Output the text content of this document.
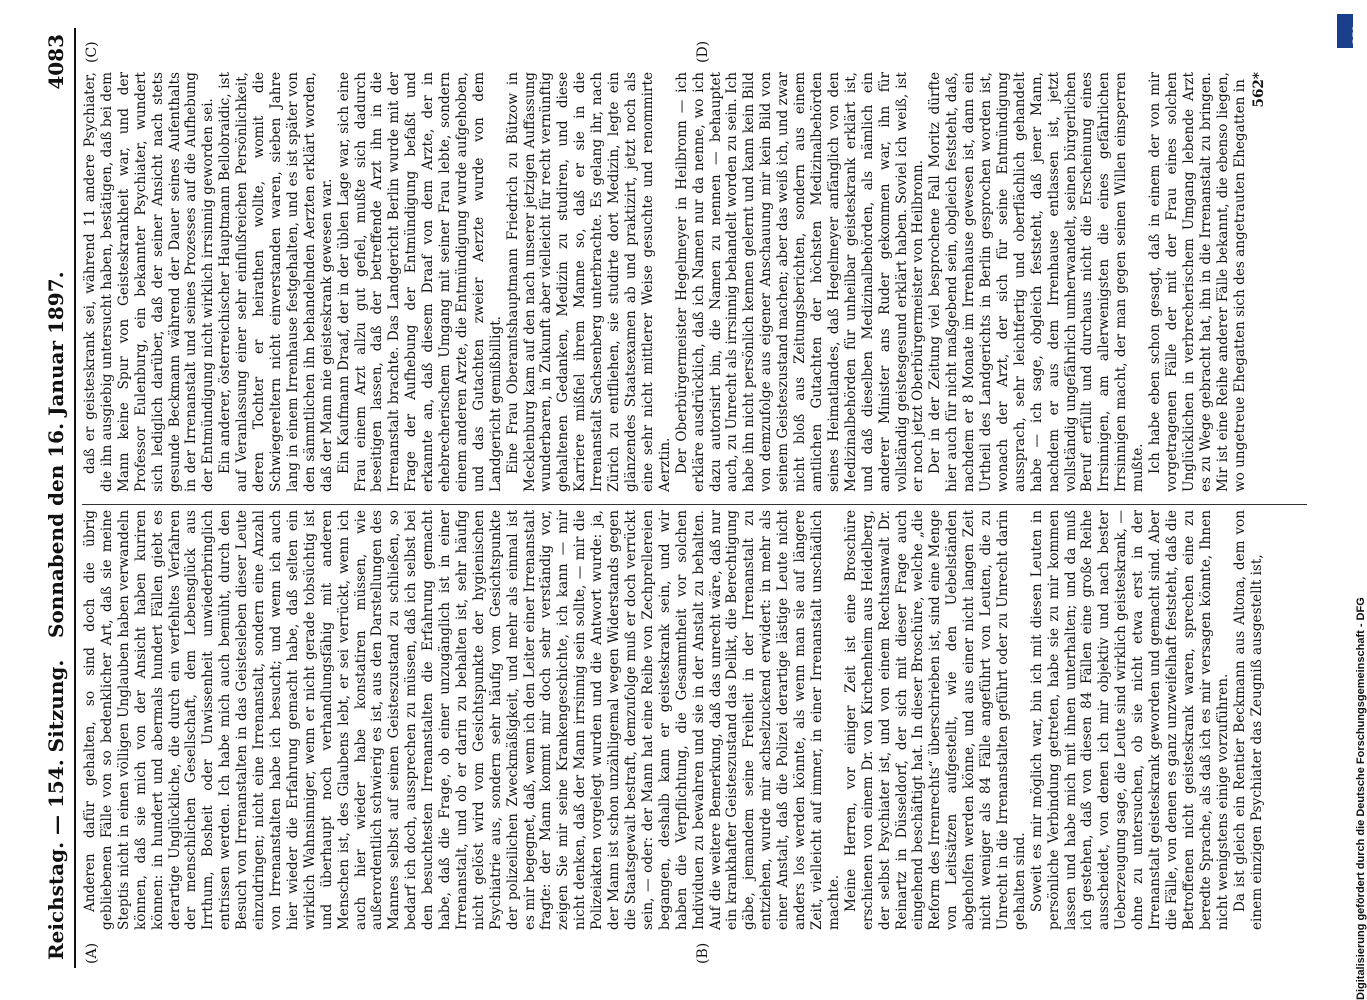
Reichstag. — 154. Sitzung.
Sonnabend den 16. Januar 1897.
4083
(A)	(B)
(C)	(D)

Anderen dafür gehalten, so sind doch die übrig gebliebenen Fälle von so bedenklicher Art, daß sie meine Steptis nicht in einen völligen Unglauben haben verwandeln können, daß sie mich von der Ansicht haben kuriren können: in hundert und abermals hundert Fällen giebt es derartige Unglückliche, die durch ein verfehltes Verfahren der menschlichen Gesellschaft, dem Lebensglück aus Irrthum, Bosheit oder Unwissenheit unwiederbringlich entrissen werden. Ich habe mich auch bemüht, durch den Besuch von Irrenanstalten in das Geistesleben dieser Leute einzudringen; nicht eine Irrenanstalt, sondern eine Anzahl von Irrenanstalten habe ich besucht; und wenn ich auch hier wieder die Erfahrung gemacht habe, daß selten ein wirklich Wahnsinniger, wenn er nicht gerade tobsüchtig ist und überhaupt noch verhandlungsfähig mit anderen Menschen ist, des Glaubens lebt, er sei verrückt, wenn ich auch hier wieder habe konstatiren müssen, wie außerordentlich schwierig es ist, aus den Darstellungen des Mannes selbst auf seinen Geisteszustand zu schließen, so bedarf ich doch, aussprechen zu müssen, daß ich selbst bei den besuchtesten Irrenanstalten die Erfahrung gemacht habe, daß die Frage, ob einer unzugänglich ist in einer Irrenanstalt, und ob er darin zu behalten ist, sehr häufig nicht gelöst wird vom Gesichtspunkte der hygienischen Psychiatrie aus, sondern sehr häufig vom Gesichtspunkte der polizeilichen Zweckmäßigkeit, und mehr als einmal ist es mir begegnet, daß, wenn ich den Leiter einer Irrenanstalt fragte: der Mann kommt mir doch sehr verständig vor, zeigen Sie mir seine Krankengeschichte, ich kann — mir nicht denken, daß der Mann irrsinnig sein sollte, — mir die Polizeiakten vorgelegt wurden und die Antwort wurde: ja, der Mann ist schon unzähligemal wegen Widerstands gegen die Staatsgewalt bestraft, demzufolge muß er doch verrückt sein, — oder: der Mann hat eine Reihe von Zechprellereien begangen, deshalb kann er geisteskrank sein, und wir haben die Verpflichtung, die Gesammtheit vor solchen Individuen zu bewahren und sie in der Anstalt zu behalten. Auf die weitere Bemerkung, daß das unrecht wäre, daß nur ein krankhafter Geisteszustand das Delikt, die Berechtigung gäbe, jemandem seine Freiheit in der Irrenanstalt zu entziehen, wurde mir achselzuckend erwidert: in mehr als einer Anstalt, daß die Polizei derartige lästige Leute nicht anders los werden könnte, als wenn man sie auf längere Zeit, vielleicht auf immer, in einer Irrenanstalt unschädlich machte. Meine Herren, vor einiger Zeit ist eine Broschüre erschienen von einem Dr. von Kirchenheim aus Heidelberg, der selbst Psychiater ist, und von einem Rechtsanwalt Dr. Reinartz in Düsseldorf, der sich mit dieser Frage auch eingehend beschäftigt hat. In dieser Broschüre, welche „die Reform des Irrenrechts“ überschrieben ist, sind eine Menge von Leitsätzen aufgestellt, wie den Uebelständen abgeholfen werden könne, und aus einer nicht langen Zeit nicht weniger als 84 Fälle angeführt von Leuten, die zu Unrecht in die Irrenanstalten geführt oder zu Unrecht darin gehalten sind. Soweit es mir möglich war, bin ich mit diesen Leuten in persönliche Verbindung getreten, habe sie zu mir kommen lassen und habe mich mit ihnen unterhalten; und da muß ich gestehen, daß von diesen 84 Fällen eine große Reihe ausscheidet, von denen ich mir objektiv und nach bester Ueberzeugung sage, die Leute sind wirklich geisteskrank, — ohne zu untersuchen, ob sie nicht etwa erst in der Irrenanstalt geisteskrank geworden und gemacht sind. Aber die Fälle, von denen es ganz unzweifelhaft feststeht, daß die Betroffenen nicht geisteskrank waren, sprechen eine zu beredte Sprache, als daß ich es mir versagen könnte, Ihnen nicht wenigstens einige vorzuführen. Da ist gleich ein Rentier Beckmann aus Altona, dem von einem einzigen Psychiater das Zeugniß ausgestellt ist,

daß er geisteskrank sei, während 11 andere Psychiater, die ihn ausgiebig untersucht haben, bestätigen, daß bei dem Mann keine Spur von Geisteskrankheit war, und der Professor Eulenburg, ein bekannter Psychiater, wundert sich lediglich darüber, daß der seiner Ansicht nach stets gesunde Beckmann während der Dauer seines Aufenthalts in der Irrenanstalt und seines Prozesses auf die Aufhebung der Entmündigung nicht wirklich irrsinnig geworden sei. Ein anderer, österreichischer Hauptmann Bellobraidic, ist auf Veranlassung einer sehr einflußreichen Persönlichkeit, deren Tochter er heirathen wollte, womit die Schwiegereltern nicht einverstanden waren, sieben Jahre lang in einem Irrenhause festgehalten, und es ist später von den sämmtlichen ihn behandelnden Aerzten erklärt worden, daß der Mann nie geisteskrank gewesen war. Ein Kaufmann Draaf, der in der üblen Lage war, sich eine Frau einem Arzt allzu gut gefiel, mußte sich dadurch beseitigen lassen, daß der betreffende Arzt ihn in die Irrenanstalt brachte. Das Landgericht Berlin wurde mit der Frage der Aufhebung der Entmündigung befaßt und erkannte an, daß diesem Draaf von dem Arzte, der in ehebrecherischem Umgang mit seiner Frau lebte, sondern einem anderen Arzte, die Entmündigung wurde aufgehoben, und das Gutachten zweier Aerzte wurde von dem Landgericht gemißbilligt. Eine Frau Oberamtshauptmann Friedrich zu Bützow in Mecklenburg kam auf den nach unserer jetzigen Auffassung wunderbaren, in Zukunft aber vielleicht für recht vernünftig gehaltenen Gedanken, Medizin zu studiren, und diese Karriere mißfiel ihrem Manne so, daß er sie in die Irrenanstalt Sachsenberg unterbrachte. Es gelang ihr, nach Zürich zu entfliehen, sie studirte dort Medizin, legte ein glänzendes Staatsexamen ab und praktizirt, jetzt noch als eine sehr nicht mittlerer Weise gesuchte und renommirte Aerztin. Der Oberbürgermeister Hegelmeyer in Heilbronn — ich erkläre ausdrücklich, daß ich Namen nur da nenne, wo ich dazu autorisirt bin, die Namen zu nennen — behauptet auch, zu Unrecht als irrsinnig behandelt worden zu sein. Ich habe ihn nicht persönlich kennen gelernt und kann kein Bild von demzufolge aus eigener Anschauung mir kein Bild von seinem Geisteszustand machen; aber das weiß ich, und zwar nicht bloß aus Zeitungsberichten, sondern aus einem amtlichen Gutachten der höchsten Medizinalbehörden seines Heimatlandes, daß Hegelmeyer anfänglich von den Medizinalbehörden für unheilbar geisteskrank erklärt ist, und daß dieselben Medizinalbehörden, als nämlich ein anderer Minister ans Ruder gekommen war, ihn für vollständig geistesgesund erklärt haben. Soviel ich weiß, ist er noch jetzt Oberbürgermeister von Heilbronn. Der in der Zeitung viel besprochene Fall Moritz dürfte hier auch für nicht maßgebend sein, obgleich feststeht, daß, nachdem er 8 Monate im Irrenhause gewesen ist, dann ein Urtheil des Landgerichts in Berlin gesprochen worden ist, wonach der Arzt, der sich für seine Entmündigung aussprach, sehr leichtfertig und oberflächlich gehandelt habe — ich sage, obgleich feststeht, daß jener Mann, nachdem er aus dem Irrenhause entlassen ist, jetzt vollständig ungefährlich umherwandelt, seinen bürgerlichen Beruf erfüllt und durchaus nicht die Erscheinung eines Irrsinnigen, am allerwenigsten die eines gefährlichen Irrsinnigen macht, der man gegen seinen Willen einsperren mußte. Ich habe eben schon gesagt, daß in einem der von mir vorgetragenen Fälle der mit der Frau eines solchen Unglücklichen in verbrecherischem Umgang lebende Arzt es zu Wege gebracht hat, ihn in die Irrenanstalt zu bringen. Mir ist eine Reihe anderer Fälle bekannt, die ebenso liegen, wo ungetreue Ehegatten sich des angetrauten Ehegatten in 562*
DFG
Digitalisierung gefördert durch die Deutsche Forschungsgemeinschaft - DFG
